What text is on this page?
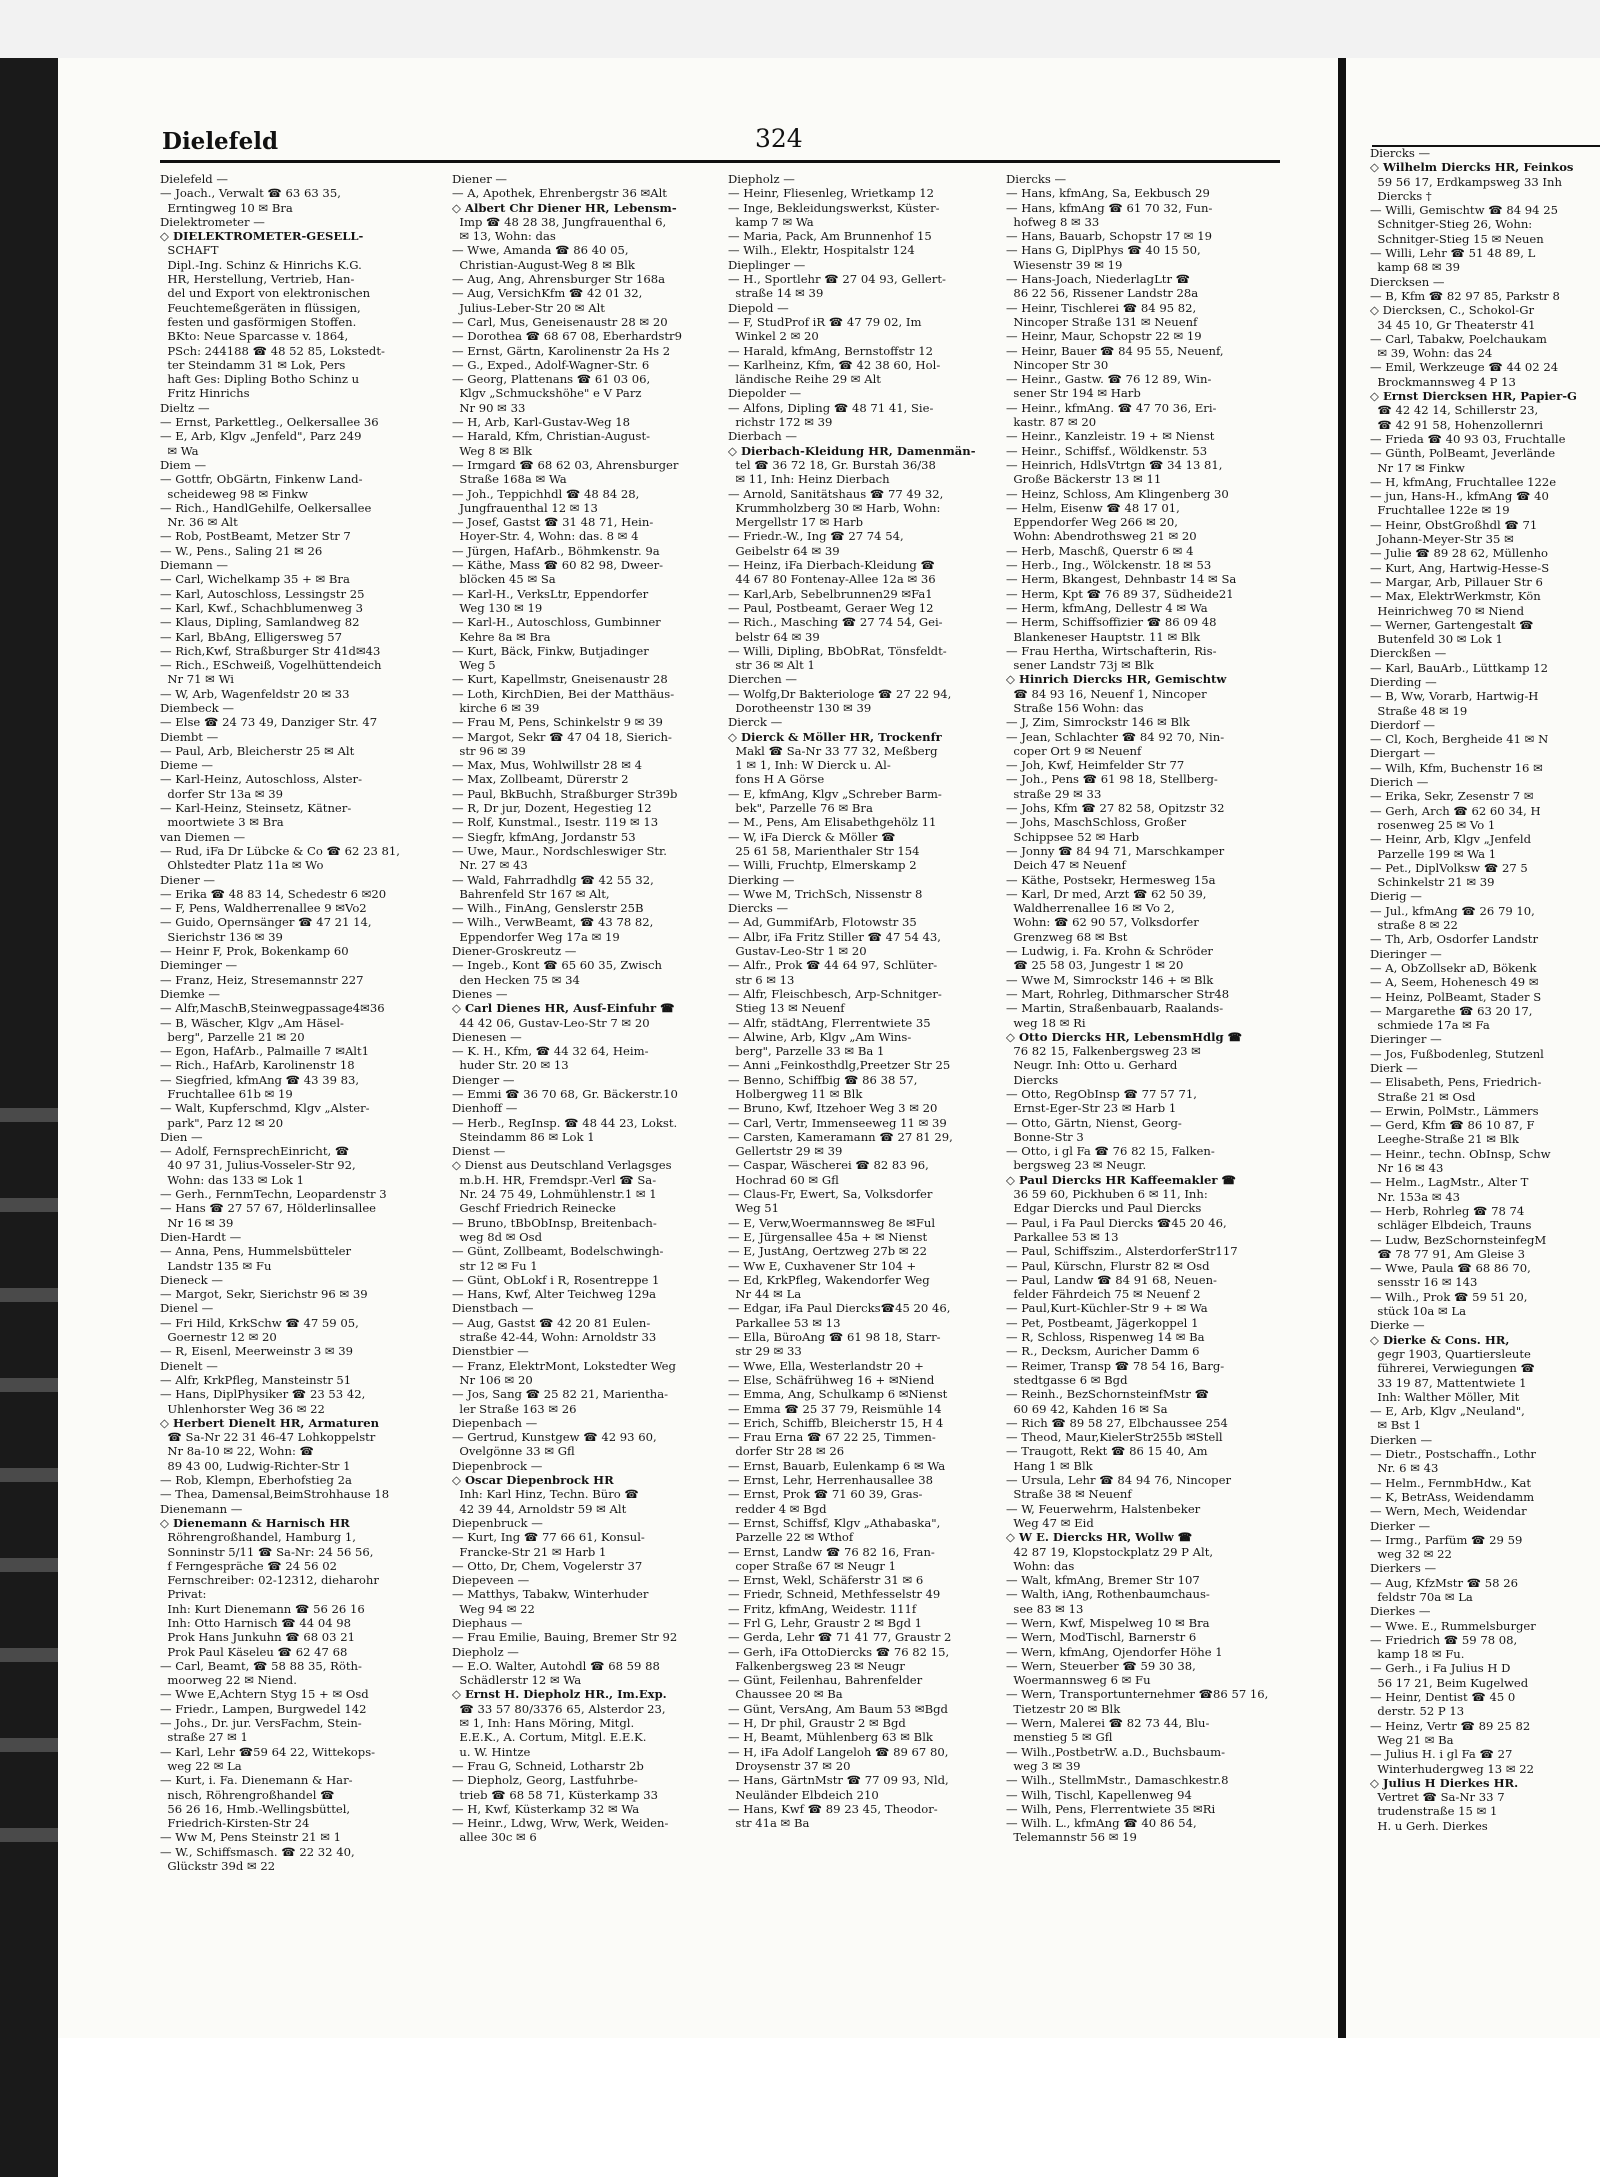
Dielefeld	324
Dielefeld —
— Joach., Verwalt ☎ 63 63 35,
Erntingweg 10 ✉ Bra
Dielektrometer —
◇ DIELEKTROMETER-GESELL-
SCHAFT
Dipl.-Ing. Schinz & Hinrichs K.G.
HR, Herstellung, Vertrieb, Han-
del und Export von elektronischen
Feuchtemeßgeräten in flüssigen,
festen und gasförmigen Stoffen.
BKto: Neue Sparcasse v. 1864,
PSch: 244188 ☎ 48 52 85, Lokstedt-
ter Steindamm 31 ✉ Lok, Pers
haft Ges: Dipling Botho Schinz u
Fritz Hinrichs
Dieltz —
— Ernst, Parkettleg., Oelkersallee 36
— E, Arb, Klgv „Jenfeld", Parz 249
✉ Wa
Diem —
— Gottfr, ObGärtn, Finkenw Land-
scheideweg 98 ✉ Finkw
— Rich., HandlGehilfe, Oelkersallee
Nr. 36 ✉ Alt
— Rob, PostBeamt, Metzer Str 7
— W., Pens., Saling 21 ✉ 26
Diemann —
— Carl, Wichelkamp 35 + ✉ Bra
— Karl, Autoschloss, Lessingstr 25
— Karl, Kwf., Schachblumenweg 3
— Klaus, Dipling, Samlandweg 82
— Karl, BbAng, Elligersweg 57
— Rich,Kwf, Straßburger Str 41d✉43
— Rich., ESchweiß, Vogelhüttendeich
Nr 71 ✉ Wi
— W, Arb, Wagenfeldstr 20 ✉ 33
Diembeck —
— Else ☎ 24 73 49, Danziger Str. 47
Diembt —
— Paul, Arb, Bleicherstr 25 ✉ Alt
Dieme —
— Karl-Heinz, Autoschloss, Alster-
dorfer Str 13a ✉ 39
— Karl-Heinz, Steinsetz, Kätner-
moortwiete 3 ✉ Bra
van Diemen —
— Rud, iFa Dr Lübcke & Co ☎ 62 23 81,
Ohlstedter Platz 11a ✉ Wo
Diener —
— Erika ☎ 48 83 14, Schedestr 6 ✉20
— F, Pens, Waldherrenallee 9 ✉Vo2
— Guido, Opernsänger ☎ 47 21 14,
Sierichstr 136 ✉ 39
— Heinr F, Prok, Bokenkamp 60
Dieminger —
— Franz, Heiz, Stresemannstr 227
Diemke —
— Alfr,MaschB,Steinwegpassage4✉36
— B, Wäscher, Klgv „Am Häsel-
berg", Parzelle 21 ✉ 20
— Egon, HafArb., Palmaille 7 ✉Alt1
— Rich., HafArb, Karolinenstr 18
— Siegfried, kfmAng ☎ 43 39 83,
Fruchtallee 61b ✉ 19
— Walt, Kupferschmd, Klgv „Alster-
park", Parz 12 ✉ 20
Dien —
— Adolf, FernsprechEinricht, ☎
40 97 31, Julius-Vosseler-Str 92,
Wohn: das 133 ✉ Lok 1
— Gerh., FernmTechn, Leopardenstr 3
— Hans ☎ 27 57 67, Hölderlinsallee
Nr 16 ✉ 39
Dien-Hardt —
— Anna, Pens, Hummelsbütteler
Landstr 135 ✉ Fu
Dieneck —
— Margot, Sekr, Sierichstr 96 ✉ 39
Dienel —
— Fri Hild, KrkSchw ☎ 47 59 05,
Goernestr 12 ✉ 20
— R, Eisenl, Meerweinstr 3 ✉ 39
Dienelt —
— Alfr, KrkPfleg, Mansteinstr 51
— Hans, DiplPhysiker ☎ 23 53 42,
Uhlenhorster Weg 36 ✉ 22
◇ Herbert Dienelt HR, Armaturen
☎ Sa-Nr 22 31 46-47 Lohkoppelstr
Nr 8a-10 ✉ 22, Wohn: ☎
89 43 00, Ludwig-Richter-Str 1
— Rob, Klempn, Eberhofstieg 2a
— Thea, Damensal,BeimStrohhause 18
Dienemann —
◇ Dienemann & Harnisch HR
Röhrengroßhandel, Hamburg 1,
Sonninstr 5/11 ☎ Sa-Nr: 24 56 56,
f Ferngespräche ☎ 24 56 02
Fernschreiber: 02-12312, dieharohr
Privat:
Inh: Kurt Dienemann ☎ 56 26 16
Inh: Otto Harnisch ☎ 44 04 98
Prok Hans Junkuhn ☎ 68 03 21
Prok Paul Käseleu ☎ 62 47 68
— Carl, Beamt, ☎ 58 88 35, Röth-
moorweg 22 ✉ Niend.
— Wwe E,Achtern Styg 15 + ✉ Osd
— Friedr., Lampen, Burgwedel 142
— Johs., Dr. jur. VersFachm, Stein-
straße 27 ✉ 1
— Karl, Lehr ☎59 64 22, Wittekops-
weg 22 ✉ La
— Kurt, i. Fa. Dienemann & Har-
nisch, Röhrengroßhandel ☎
56 26 16, Hmb.-Wellingsbüttel,
Friedrich-Kirsten-Str 24
— Ww M, Pens Steinstr 21 ✉ 1
— W., Schiffsmasch. ☎ 22 32 40,
Glückstr 39d ✉ 22
Diener —
— A, Apothek, Ehrenbergstr 36 ✉Alt
◇ Albert Chr Diener HR, Lebensm-
Imp ☎ 48 28 38, Jungfrauenthal 6,
✉ 13, Wohn: das
— Wwe, Amanda ☎ 86 40 05,
Christian-August-Weg 8 ✉ Blk
— Aug, Ang, Ahrensburger Str 168a
— Aug, VersichKfm ☎ 42 01 32,
Julius-Leber-Str 20 ✉ Alt
— Carl, Mus, Geneisenaustr 28 ✉ 20
— Dorothea ☎ 68 67 08, Eberhardstr9
— Ernst, Gärtn, Karolinenstr 2a Hs 2
— G., Exped., Adolf-Wagner-Str. 6
— Georg, Plattenans ☎ 61 03 06,
Klgv „Schmuckshöhe" e V Parz
Nr 90 ✉ 33
— H, Arb, Karl-Gustav-Weg 18
— Harald, Kfm, Christian-August-
Weg 8 ✉ Blk
— Irmgard ☎ 68 62 03, Ahrensburger
Straße 168a ✉ Wa
— Joh., Teppichhdl ☎ 48 84 28,
Jungfrauenthal 12 ✉ 13
— Josef, Gastst ☎ 31 48 71, Hein-
Hoyer-Str. 4, Wohn: das. 8 ✉ 4
— Jürgen, HafArb., Böhmkenstr. 9a
— Käthe, Mass ☎ 60 82 98, Dweer-
blöcken 45 ✉ Sa
— Karl-H., VerksLtr, Eppendorfer
Weg 130 ✉ 19
— Karl-H., Autoschloss, Gumbinner
Kehre 8a ✉ Bra
— Kurt, Bäck, Finkw, Butjadinger
Weg 5
— Kurt, Kapellmstr, Gneisenaustr 28
— Loth, KirchDien, Bei der Matthäus-
kirche 6 ✉ 39
— Frau M, Pens, Schinkelstr 9 ✉ 39
— Margot, Sekr ☎ 47 04 18, Sierich-
str 96 ✉ 39
— Max, Mus, Wohlwillstr 28 ✉ 4
— Max, Zollbeamt, Dürerstr 2
— Paul, BkBuchh, Straßburger Str39b
— R, Dr jur, Dozent, Hegestieg 12
— Rolf, Kunstmal., Isestr. 119 ✉ 13
— Siegfr, kfmAng, Jordanstr 53
— Uwe, Maur., Nordschleswiger Str.
Nr. 27 ✉ 43
— Wald, Fahrradhdlg ☎ 42 55 32,
Bahrenfeld Str 167 ✉ Alt,
— Wilh., FinAng, Genslerstr 25B
— Wilh., VerwBeamt, ☎ 43 78 82,
Eppendorfer Weg 17a ✉ 19
Diener-Groskreutz —
— Ingeb., Kont ☎ 65 60 35, Zwisch
den Hecken 75 ✉ 34
Dienes —
◇ Carl Dienes HR, Ausf-Einfuhr ☎
44 42 06, Gustav-Leo-Str 7 ✉ 20
Dienesen —
— K. H., Kfm, ☎ 44 32 64, Heim-
huder Str. 20 ✉ 13
Dienger —
— Emmi ☎ 36 70 68, Gr. Bäckerstr.10
Dienhoff —
— Herb., RegInsp. ☎ 48 44 23, Lokst.
Steindamm 86 ✉ Lok 1
Dienst —
◇ Dienst aus Deutschland Verlagsges
m.b.H. HR, Fremdspr.-Verl ☎ Sa-
Nr. 24 75 49, Lohmühlenstr.1 ✉ 1
Geschf Friedrich Reinecke
— Bruno, tBbObInsp, Breitenbach-
weg 8d ✉ Osd
— Günt, Zollbeamt, Bodelschwingh-
str 12 ✉ Fu 1
— Günt, ObLokf i R, Rosentreppe 1
— Hans, Kwf, Alter Teichweg 129a
Dienstbach —
— Aug, Gastst ☎ 42 20 81 Eulen-
straße 42-44, Wohn: Arnoldstr 33
Dienstbier —
— Franz, ElektrMont, Lokstedter Weg
Nr 106 ✉ 20
— Jos, Sang ☎ 25 82 21, Marientha-
ler Straße 163 ✉ 26
Diepenbach —
— Gertrud, Kunstgew ☎ 42 93 60,
Ovelgönne 33 ✉ Gfl
Diepenbrock —
◇ Oscar Diepenbrock HR
Inh: Karl Hinz, Techn. Büro ☎
42 39 44, Arnoldstr 59 ✉ Alt
Diepenbruck —
— Kurt, Ing ☎ 77 66 61, Konsul-
Francke-Str 21 ✉ Harb 1
— Otto, Dr, Chem, Vogelerstr 37
Diepeveen —
— Matthys, Tabakw, Winterhuder
Weg 94 ✉ 22
Diephaus —
— Frau Emilie, Bauing, Bremer Str 92
Diepholz —
— E.O. Walter, Autohdl ☎ 68 59 88
Schädlerstr 12 ✉ Wa
◇ Ernst H. Diepholz HR., Im.Exp.
☎ 33 57 80/3376 65, Alsterdor 23,
✉ 1, Inh: Hans Möring, Mitgl.
E.E.K., A. Cortum, Mitgl. E.E.K.
u. W. Hintze
— Frau G, Schneid, Lotharstr 2b
— Diepholz, Georg, Lastfuhrbe-
trieb ☎ 68 58 71, Küsterkamp 33
— H, Kwf, Küsterkamp 32 ✉ Wa
— Heinr., Ldwg, Wrw, Werk, Weiden-
allee 30c ✉ 6
Diepholz —
— Heinr, Fliesenleg, Wrietkamp 12
— Inge, Bekleidungswerkst, Küster-
kamp 7 ✉ Wa
— Maria, Pack, Am Brunnenhof 15
— Wilh., Elektr, Hospitalstr 124
Dieplinger —
— H., Sportlehr ☎ 27 04 93, Gellert-
straße 14 ✉ 39
Diepold —
— F, StudProf iR ☎ 47 79 02, Im
Winkel 2 ✉ 20
— Harald, kfmAng, Bernstoffstr 12
— Karlheinz, Kfm, ☎ 42 38 60, Hol-
ländische Reihe 29 ✉ Alt
Diepolder —
— Alfons, Dipling ☎ 48 71 41, Sie-
richstr 172 ✉ 39
Dierbach —
◇ Dierbach-Kleidung HR, Damenmän-
tel ☎ 36 72 18, Gr. Burstah 36/38
✉ 11, Inh: Heinz Dierbach
— Arnold, Sanitätshaus ☎ 77 49 32,
Krummholzberg 30 ✉ Harb, Wohn:
Mergellstr 17 ✉ Harb
— Friedr.-W., Ing ☎ 27 74 54,
Geibelstr 64 ✉ 39
— Heinz, iFa Dierbach-Kleidung ☎
44 67 80 Fontenay-Allee 12a ✉ 36
— Karl,Arb, Sebelbrunnen29 ✉Fa1
— Paul, Postbeamt, Geraer Weg 12
— Rich., Masching ☎ 27 74 54, Gei-
belstr 64 ✉ 39
— Willi, Dipling, BbObRat, Tönsfeldt-
str 36 ✉ Alt 1
Dierchen —
— Wolfg,Dr Bakteriologe ☎ 27 22 94,
Dorotheenstr 130 ✉ 39
Dierck —
◇ Dierck & Möller HR, Trockenfr
Makl ☎ Sa-Nr 33 77 32, Meßberg
1 ✉ 1, Inh: W Dierck u. Al-
fons H A Görse
— E, kfmAng, Klgv „Schreber Barm-
bek", Parzelle 76 ✉ Bra
— M., Pens, Am Elisabethgehölz 11
— W, iFa Dierck & Möller ☎
25 61 58, Marienthaler Str 154
— Willi, Fruchtp, Elmerskamp 2
Dierking —
— Wwe M, TrichSch, Nissenstr 8
Diercks —
— Ad, GummifArb, Flotowstr 35
— Albr, iFa Fritz Stiller ☎ 47 54 43,
Gustav-Leo-Str 1 ✉ 20
— Alfr., Prok ☎ 44 64 97, Schlüter-
str 6 ✉ 13
— Alfr, Fleischbesch, Arp-Schnitger-
Stieg 13 ✉ Neuenf
— Alfr, städtAng, Flerrentwiete 35
— Alwine, Arb, Klgv „Am Wins-
berg", Parzelle 33 ✉ Ba 1
— Anni „Feinkosthdlg,Preetzer Str 25
— Benno, Schiffbig ☎ 86 38 57,
Holbergweg 11 ✉ Blk
— Bruno, Kwf, Itzehoer Weg 3 ✉ 20
— Carl, Vertr, Immenseeweg 11 ✉ 39
— Carsten, Kameramann ☎ 27 81 29,
Gellertstr 29 ✉ 39
— Caspar, Wäscherei ☎ 82 83 96,
Hochrad 60 ✉ Gfl
— Claus-Fr, Ewert, Sa, Volksdorfer
Weg 51
— E, Verw,Woermannsweg 8e ✉Ful
— E, Jürgensallee 45a + ✉ Nienst
— E, JustAng, Oertzweg 27b ✉ 22
— Ww E, Cuxhavener Str 104 +
— Ed, KrkPfleg, Wakendorfer Weg
Nr 44 ✉ La
— Edgar, iFa Paul Diercks☎45 20 46,
Parkallee 53 ✉ 13
— Ella, BüroAng ☎ 61 98 18, Starr-
str 29 ✉ 33
— Wwe, Ella, Westerlandstr 20 +
— Else, Schäfrühweg 16 + ✉Niend
— Emma, Ang, Schulkamp 6 ✉Nienst
— Emma ☎ 25 37 79, Reismühle 14
— Erich, Schiffb, Bleicherstr 15, H 4
— Frau Erna ☎ 67 22 25, Timmen-
dorfer Str 28 ✉ 26
— Ernst, Bauarb, Eulenkamp 6 ✉ Wa
— Ernst, Lehr, Herrenhausallee 38
— Ernst, Prok ☎ 71 60 39, Gras-
redder 4 ✉ Bgd
— Ernst, Schiffsf, Klgv „Athabaska",
Parzelle 22 ✉ Wthof
— Ernst, Landw ☎ 76 82 16, Fran-
coper Straße 67 ✉ Neugr 1
— Ernst, Wekl, Schäferstr 31 ✉ 6
— Friedr, Schneid, Methfesselstr 49
— Fritz, kfmAng, Weidestr. 111f
— Frl G, Lehr, Graustr 2 ✉ Bgd 1
— Gerda, Lehr ☎ 71 41 77, Graustr 2
— Gerh, iFa OttoDiercks ☎ 76 82 15,
Falkenbergsweg 23 ✉ Neugr
— Günt, Feilenhau, Bahrenfelder
Chaussee 20 ✉ Ba
— Günt, VersAng, Am Baum 53 ✉Bgd
— H, Dr phil, Graustr 2 ✉ Bgd
— H, Beamt, Mühlenberg 63 ✉ Blk
— H, iFa Adolf Langeloh ☎ 89 67 80,
Droysenstr 37 ✉ 20
— Hans, GärtnMstr ☎ 77 09 93, Nld,
Neuländer Elbdeich 210
— Hans, Kwf ☎ 89 23 45, Theodor-
str 41a ✉ Ba
Diercks —
— Hans, kfmAng, Sa, Eekbusch 29
— Hans, kfmAng ☎ 61 70 32, Fun-
hofweg 8 ✉ 33
— Hans, Bauarb, Schopstr 17 ✉ 19
— Hans G, DiplPhys ☎ 40 15 50,
Wiesenstr 39 ✉ 19
— Hans-Joach, NiederlagLtr ☎
86 22 56, Rissener Landstr 28a
— Heinr, Tischlerei ☎ 84 95 82,
Nincoper Straße 131 ✉ Neuenf
— Heinr, Maur, Schopstr 22 ✉ 19
— Heinr, Bauer ☎ 84 95 55, Neuenf,
Nincoper Str 30
— Heinr., Gastw. ☎ 76 12 89, Win-
sener Str 194 ✉ Harb
— Heinr., kfmAng. ☎ 47 70 36, Eri-
kastr. 87 ✉ 20
— Heinr., Kanzleistr. 19 + ✉ Nienst
— Heinr., Schiffsf., Wöldkenstr. 53
— Heinrich, HdlsVtrtgn ☎ 34 13 81,
Große Bäckerstr 13 ✉ 11
— Heinz, Schloss, Am Klingenberg 30
— Helm, Eisenw ☎ 48 17 01,
Eppendorfer Weg 266 ✉ 20,
Wohn: Abendrothsweg 21 ✉ 20
— Herb, Maschß, Querstr 6 ✉ 4
— Herb., Ing., Wölckenstr. 18 ✉ 53
— Herm, Bkangest, Dehnbastr 14 ✉ Sa
— Herm, Kpt ☎ 76 89 37, Südheide21
— Herm, kfmAng, Dellestr 4 ✉ Wa
— Herm, Schiffsoffizier ☎ 86 09 48
Blankeneser Hauptstr. 11 ✉ Blk
— Frau Hertha, Wirtschafterin, Ris-
sener Landstr 73j ✉ Blk
◇ Hinrich Diercks HR, Gemischtw
☎ 84 93 16, Neuenf 1, Nincoper
Straße 156 Wohn: das
— J, Zim, Simrockstr 146 ✉ Blk
— Jean, Schlachter ☎ 84 92 70, Nin-
coper Ort 9 ✉ Neuenf
— Joh, Kwf, Heimfelder Str 77
— Joh., Pens ☎ 61 98 18, Stellberg-
straße 29 ✉ 33
— Johs, Kfm ☎ 27 82 58, Opitzstr 32
— Johs, MaschSchloss, Großer
Schippsee 52 ✉ Harb
— Jonny ☎ 84 94 71, Marschkamper
Deich 47 ✉ Neuenf
— Käthe, Postsekr, Hermesweg 15a
— Karl, Dr med, Arzt ☎ 62 50 39,
Waldherrenallee 16 ✉ Vo 2,
Wohn: ☎ 62 90 57, Volksdorfer
Grenzweg 68 ✉ Bst
— Ludwig, i. Fa. Krohn & Schröder
☎ 25 58 03, Jungestr 1 ✉ 20
— Wwe M, Simrockstr 146 + ✉ Blk
— Mart, Rohrleg, Dithmarscher Str48
— Martin, Straßenbauarb, Raalands-
weg 18 ✉ Ri
◇ Otto Diercks HR, LebensmHdlg ☎
76 82 15, Falkenbergsweg 23 ✉
Neugr. Inh: Otto u. Gerhard
Diercks
— Otto, RegObInsp ☎ 77 57 71,
Ernst-Eger-Str 23 ✉ Harb 1
— Otto, Gärtn, Nienst, Georg-
Bonne-Str 3
— Otto, i gl Fa ☎ 76 82 15, Falken-
bergsweg 23 ✉ Neugr.
◇ Paul Diercks HR Kaffeemakler ☎
36 59 60, Pickhuben 6 ✉ 11, Inh:
Edgar Diercks und Paul Diercks
— Paul, i Fa Paul Diercks ☎45 20 46,
Parkallee 53 ✉ 13
— Paul, Schiffszim., AlsterdorferStr117
— Paul, Kürschn, Flurstr 82 ✉ Osd
— Paul, Landw ☎ 84 91 68, Neuen-
felder Fährdeich 75 ✉ Neuenf 2
— Paul,Kurt-Küchler-Str 9 + ✉ Wa
— Pet, Postbeamt, Jägerkoppel 1
— R, Schloss, Rispenweg 14 ✉ Ba
— R., Decksm, Auricher Damm 6
— Reimer, Transp ☎ 78 54 16, Barg-
stedtgasse 6 ✉ Bgd
— Reinh., BezSchornsteinfMstr ☎
60 69 42, Kahden 16 ✉ Sa
— Rich ☎ 89 58 27, Elbchaussee 254
— Theod, Maur,KielerStr255b ✉Stell
— Traugott, Rekt ☎ 86 15 40, Am
Hang 1 ✉ Blk
— Ursula, Lehr ☎ 84 94 76, Nincoper
Straße 38 ✉ Neuenf
— W, Feuerwehrm, Halstenbeker
Weg 47 ✉ Eid
◇ W E. Diercks HR, Wollw ☎
42 87 19, Klopstockplatz 29 P Alt,
Wohn: das
— Walt, kfmAng, Bremer Str 107
— Walth, iAng, Rothenbaumchaus-
see 83 ✉ 13
— Wern, Kwf, Mispelweg 10 ✉ Bra
— Wern, ModTischl, Barnerstr 6
— Wern, kfmAng, Ojendorfer Höhe 1
— Wern, Steuerber ☎ 59 30 38,
Woermannsweg 6 ✉ Fu
— Wern, Transportunternehmer ☎86 57 16,
Tietzestr 20 ✉ Blk
— Wern, Malerei ☎ 82 73 44, Blu-
menstieg 5 ✉ Gfl
— Wilh.,PostbetrW. a.D., Buchsbaum-
weg 3 ✉ 39
— Wilh., StellmMstr., Damaschkestr.8
— Wilh, Tischl, Kapellenweg 94
— Wilh, Pens, Flerrentwiete 35 ✉Ri
— Wilh. L., kfmAng ☎ 40 86 54,
Telemannstr 56 ✉ 19
Diercks —
◇ Wilhelm Diercks HR, Feinkos
59 56 17, Erdkampsweg 33 Inh
Diercks †
— Willi, Gemischtw ☎ 84 94 25
Schnitger-Stieg 26, Wohn:
Schnitger-Stieg 15 ✉ Neuen
— Willi, Lehr ☎ 51 48 89, L
kamp 68 ✉ 39
Diercksen —
— B, Kfm ☎ 82 97 85, Parkstr 8
◇ Diercksen, C., Schokol-Gr
34 45 10, Gr Theaterstr 41
— Carl, Tabakw, Poelchaukam
✉ 39, Wohn: das 24
— Emil, Werkzeuge ☎ 44 02 24
Brockmannsweg 4 P 13
◇ Ernst Diercksen HR, Papier-G
☎ 42 42 14, Schillerstr 23,
☎ 42 91 58, Hohenzollernri
— Frieda ☎ 40 93 03, Fruchtalle
— Günth, PolBeamt, Jeverlände
Nr 17 ✉ Finkw
— H, kfmAng, Fruchtallee 122e
— jun, Hans-H., kfmAng ☎ 40
Fruchtallee 122e ✉ 19
— Heinr, ObstGroßhdl ☎ 71
Johann-Meyer-Str 35 ✉
— Julie ☎ 89 28 62, Müllenho
— Kurt, Ang, Hartwig-Hesse-S
— Margar, Arb, Pillauer Str 6
— Max, ElektrWerkmstr, Kön
Heinrichweg 70 ✉ Niend
— Werner, Gartengestalt ☎
Butenfeld 30 ✉ Lok 1
Dierckßen —
— Karl, BauArb., Lüttkamp 12
Dierding —
— B, Ww, Vorarb, Hartwig-H
Straße 48 ✉ 19
Dierdorf —
— Cl, Koch, Bergheide 41 ✉ N
Diergart —
— Wilh, Kfm, Buchenstr 16 ✉
Dierich —
— Erika, Sekr, Zesenstr 7 ✉
— Gerh, Arch ☎ 62 60 34, H
rosenweg 25 ✉ Vo 1
— Heinr, Arb, Klgv „Jenfeld
Parzelle 199 ✉ Wa 1
— Pet., DiplVolksw ☎ 27 5
Schinkelstr 21 ✉ 39
Dierig —
— Jul., kfmAng ☎ 26 79 10,
straße 8 ✉ 22
— Th, Arb, Osdorfer Landstr
Dieringer —
— A, ObZollsekr aD, Bökenk
— A, Seem, Hohenesch 49 ✉
— Heinz, PolBeamt, Stader S
— Margarethe ☎ 63 20 17,
schmiede 17a ✉ Fa
Dieringer —
— Jos, Fußbodenleg, Stutzenl
Dierk —
— Elisabeth, Pens, Friedrich-
Straße 21 ✉ Osd
— Erwin, PolMstr., Lämmers
— Gerd, Kfm ☎ 86 10 87, F
Leeghe-Straße 21 ✉ Blk
— Heinr., techn. ObInsp, Schw
Nr 16 ✉ 43
— Helm., LagMstr., Alter T
Nr. 153a ✉ 43
— Herb, Rohrleg ☎ 78 74
schläger Elbdeich, Trauns
— Ludw, BezSchornsteinfegM
☎ 78 77 91, Am Gleise 3
— Wwe, Paula ☎ 68 86 70,
sensstr 16 ✉ 143
— Wilh., Prok ☎ 59 51 20,
stück 10a ✉ La
Dierke —
◇ Dierke & Cons. HR,
gegr 1903, Quartiersleute
führerei, Verwiegungen ☎
33 19 87, Mattentwiete 1
Inh: Walther Möller, Mit
— E, Arb, Klgv „Neuland",
✉ Bst 1
Dierken —
— Dietr., Postschaffn., Lothr
Nr. 6 ✉ 43
— Helm., FernmbHdw., Kat
— K, BetrAss, Weidendamm
— Wern, Mech, Weidendar
Dierker —
— Irmg., Parfüm ☎ 29 59
weg 32 ✉ 22
Dierkers —
— Aug, KfzMstr ☎ 58 26
feldstr 70a ✉ La
Dierkes —
— Wwe. E., Rummelsburger
— Friedrich ☎ 59 78 08,
kamp 18 ✉ Fu.
— Gerh., i Fa Julius H D
56 17 21, Beim Kugelwed
— Heinr, Dentist ☎ 45 0
derstr. 52 P 13
— Heinz, Vertr ☎ 89 25 82
Weg 21 ✉ Ba
— Julius H. i gl Fa ☎ 27
Winterhudergweg 13 ✉ 22
◇ Julius H Dierkes HR.
Vertret ☎ Sa-Nr 33 7
trudenstraße 15 ✉ 1
H. u Gerh. Dierkes
